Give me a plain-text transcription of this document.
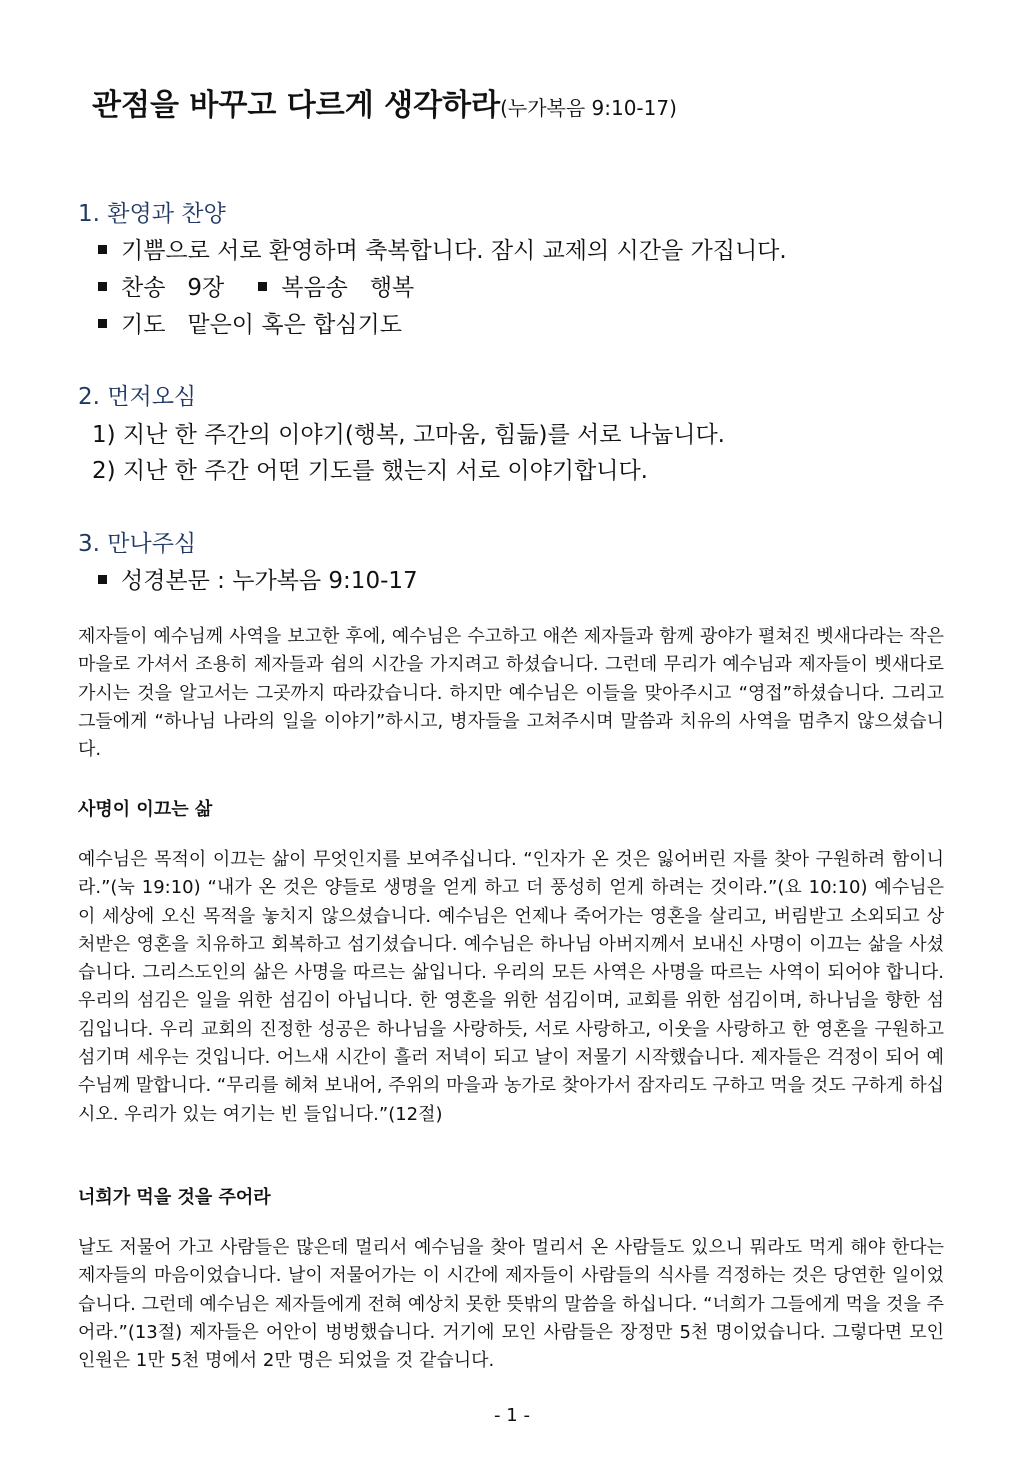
관점을 바꾸고 다르게 생각하라(누가복음 9:10-17)

1. 환영과 찬양

기쁨으로 서로 환영하며 축복합니다. 잠시 교제의 시간을 가집니다.

찬송   9장 복음송   행복

기도   맡은이 혹은 합심기도

2. 먼저오심

1) 지난 한 주간의 이야기(행복, 고마움, 힘듦)를 서로 나눕니다.

2) 지난 한 주간 어떤 기도를 했는지 서로 이야기합니다.

3. 만나주심

성경본문 : 누가복음 9:10-17

제자들이 예수님께 사역을 보고한 후에, 예수님은 수고하고 애쓴 제자들과 함께 광야가 펼쳐진 벳새다라는 작은 마을로 가셔서 조용히 제자들과 쉼의 시간을 가지려고 하셨습니다. 그런데 무리가 예수님과 제자들이 벳새다로 가시는 것을 알고서는 그곳까지 따라갔습니다. 하지만 예수님은 이들을 맞아주시고 “영접”하셨습니다. 그리고 그들에게 “하나님 나라의 일을 이야기”하시고, 병자들을 고쳐주시며 말씀과 치유의 사역을 멈추지 않으셨습니다.

사명이 이끄는 삶

예수님은 목적이 이끄는 삶이 무엇인지를 보여주십니다. “인자가 온 것은 잃어버린 자를 찾아 구원하려 함이니라.”(눅 19:10) “내가 온 것은 양들로 생명을 얻게 하고 더 풍성히 얻게 하려는 것이라.”(요 10:10) 예수님은 이 세상에 오신 목적을 놓치지 않으셨습니다. 예수님은 언제나 죽어가는 영혼을 살리고, 버림받고 소외되고 상처받은 영혼을 치유하고 회복하고 섬기셨습니다. 예수님은 하나님 아버지께서 보내신 사명이 이끄는 삶을 사셨습니다. 그리스도인의 삶은 사명을 따르는 삶입니다. 우리의 모든 사역은 사명을 따르는 사역이 되어야 합니다. 우리의 섬김은 일을 위한 섬김이 아닙니다. 한 영혼을 위한 섬김이며, 교회를 위한 섬김이며, 하나님을 향한 섬김입니다. 우리 교회의 진정한 성공은 하나님을 사랑하듯, 서로 사랑하고, 이웃을 사랑하고 한 영혼을 구원하고 섬기며 세우는 것입니다. 어느새 시간이 흘러 저녁이 되고 날이 저물기 시작했습니다. 제자들은 걱정이 되어 예수님께 말합니다. “무리를 헤쳐 보내어, 주위의 마을과 농가로 찾아가서 잠자리도 구하고 먹을 것도 구하게 하십시오. 우리가 있는 여기는 빈 들입니다.”(12절)

너희가 먹을 것을 주어라

날도 저물어 가고 사람들은 많은데 멀리서 예수님을 찾아 멀리서 온 사람들도 있으니 뭐라도 먹게 해야 한다는 제자들의 마음이었습니다. 날이 저물어가는 이 시간에 제자들이 사람들의 식사를 걱정하는 것은 당연한 일이었습니다. 그런데 예수님은 제자들에게 전혀 예상치 못한 뜻밖의 말씀을 하십니다. “너희가 그들에게 먹을 것을 주어라.”(13절) 제자들은 어안이 벙벙했습니다. 거기에 모인 사람들은 장정만 5천 명이었습니다. 그렇다면 모인 인원은 1만 5천 명에서 2만 명은 되었을 것 같습니다.

- 1 -
